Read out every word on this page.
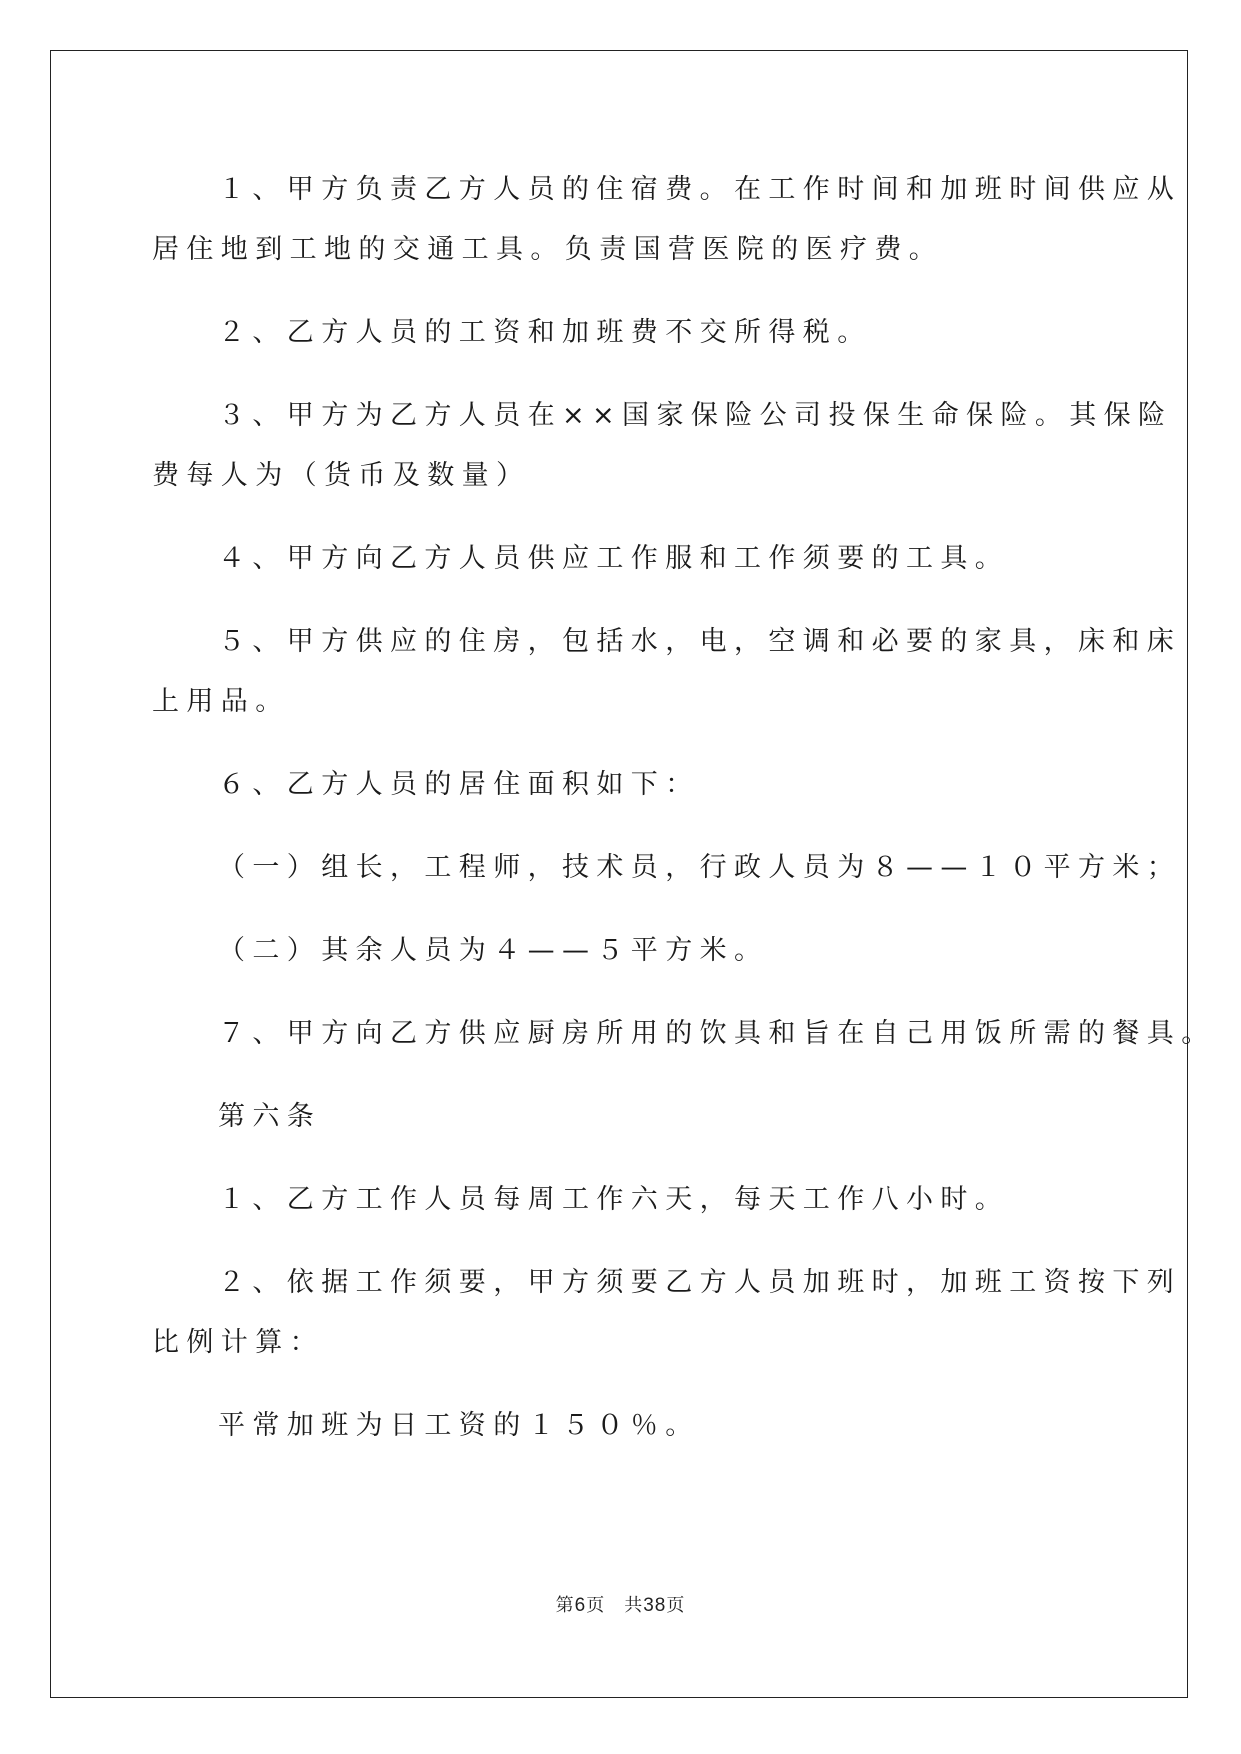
１、甲方负责乙方人员的住宿费。在工作时间和加班时间供应从
居住地到工地的交通工具。负责国营医院的医疗费。
２、乙方人员的工资和加班费不交所得税。
３、甲方为乙方人员在××国家保险公司投保生命保险。其保险
费每人为（货币及数量）
４、甲方向乙方人员供应工作服和工作须要的工具。
５、甲方供应的住房，包括水，电，空调和必要的家具，床和床
上用品。
６、乙方人员的居住面积如下：
（一）组长，工程师，技术员，行政人员为８——１０平方米；
（二）其余人员为４——５平方米。
７、甲方向乙方供应厨房所用的饮具和旨在自己用饭所需的餐具。
第六条
１、乙方工作人员每周工作六天，每天工作八小时。
２、依据工作须要，甲方须要乙方人员加班时，加班工资按下列
比例计算：
平常加班为日工资的１５０％。
第6页　共38页
